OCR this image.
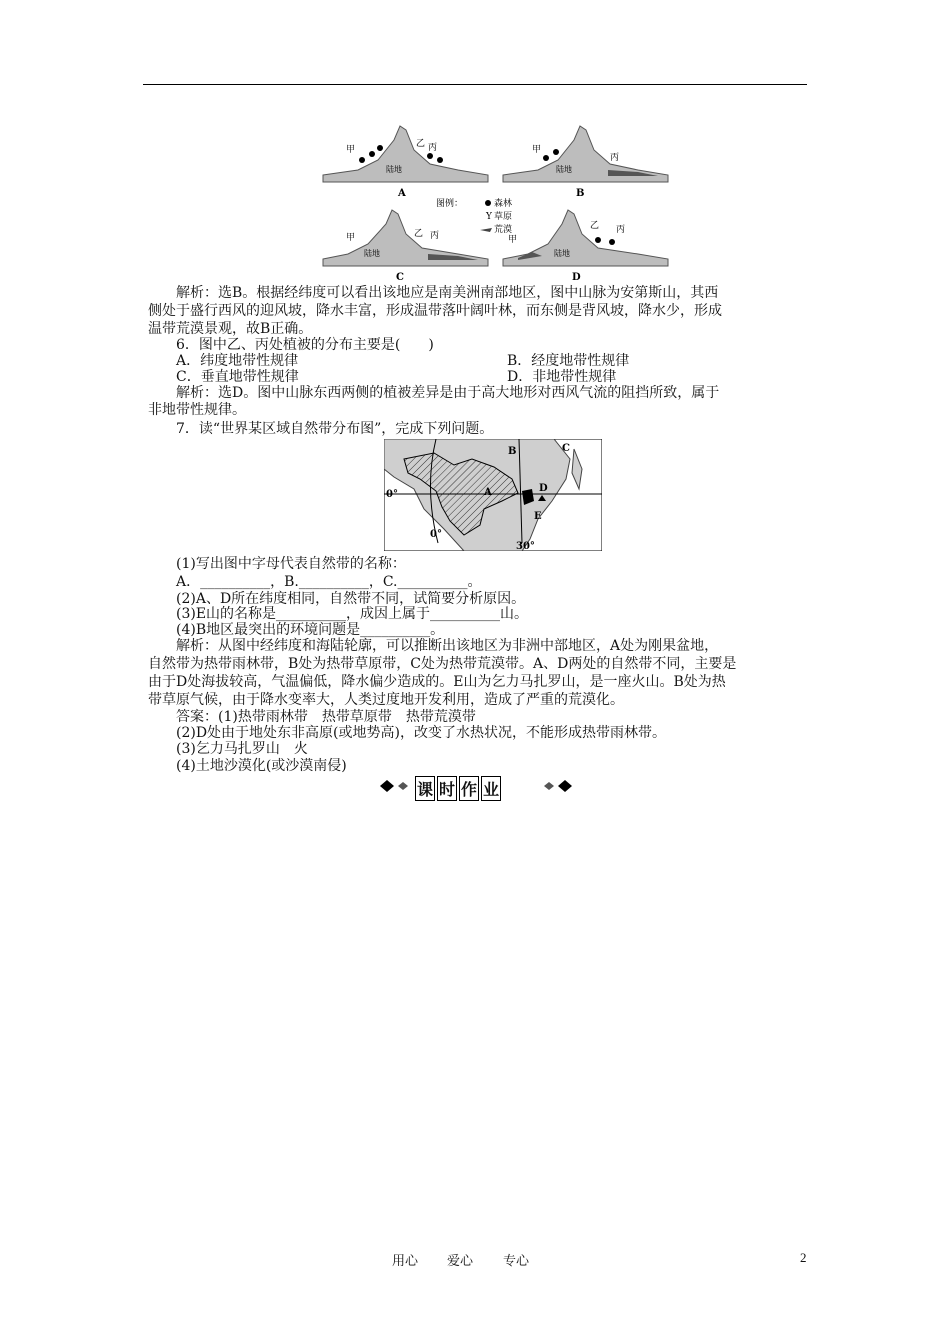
陆地
甲
乙 丙
A
陆地
甲
丙
B
图例：	森林
Y 草原
荒漠
陆地
甲	乙 丙
C
陆地
甲
乙 丙
D
解析：选B。根据经纬度可以看出该地应是南美洲南部地区，图中山脉为安第斯山，其西
侧处于盛行西风的迎风坡，降水丰富，形成温带落叶阔叶林，而东侧是背风坡，降水少，形成
温带荒漠景观，故B正确。
6．图中乙、丙处植被的分布主要是(　　)
A．纬度地带性规律	B．经度地带性规律
C．垂直地带性规律	D．非地带性规律
解析：选D。图中山脉东西两侧的植被差异是由于高大地形对西风气流的阻挡所致，属于
非地带性规律。
7．读“世界某区域自然带分布图”，完成下列问题。
B	C
A	D
E
0°
0°
30°
(1)写出图中字母代表自然带的名称：
A．__________，B.__________，C.__________。
(2)A、D所在纬度相同，自然带不同，试简要分析原因。
(3)E山的名称是__________，成因上属于__________山。
(4)B地区最突出的环境问题是__________。
解析：从图中经纬度和海陆轮廓，可以推断出该地区为非洲中部地区，A处为刚果盆地，
自然带为热带雨林带，B处为热带草原带，C处为热带荒漠带。A、D两处的自然带不同，主要是
由于D处海拔较高，气温偏低，降水偏少造成的。E山为乞力马扎罗山，是一座火山。B处为热
带草原气候，由于降水变率大，人类过度地开发利用，造成了严重的荒漠化。
答案：(1)热带雨林带　热带草原带　热带荒漠带
(2)D处由于地处东非高原(或地势高)，改变了水热状况，不能形成热带雨林带。
(3)乞力马扎罗山　火
(4)土地沙漠化(或沙漠南侵)
课 时 作 业
用心 爱心 专心	2
